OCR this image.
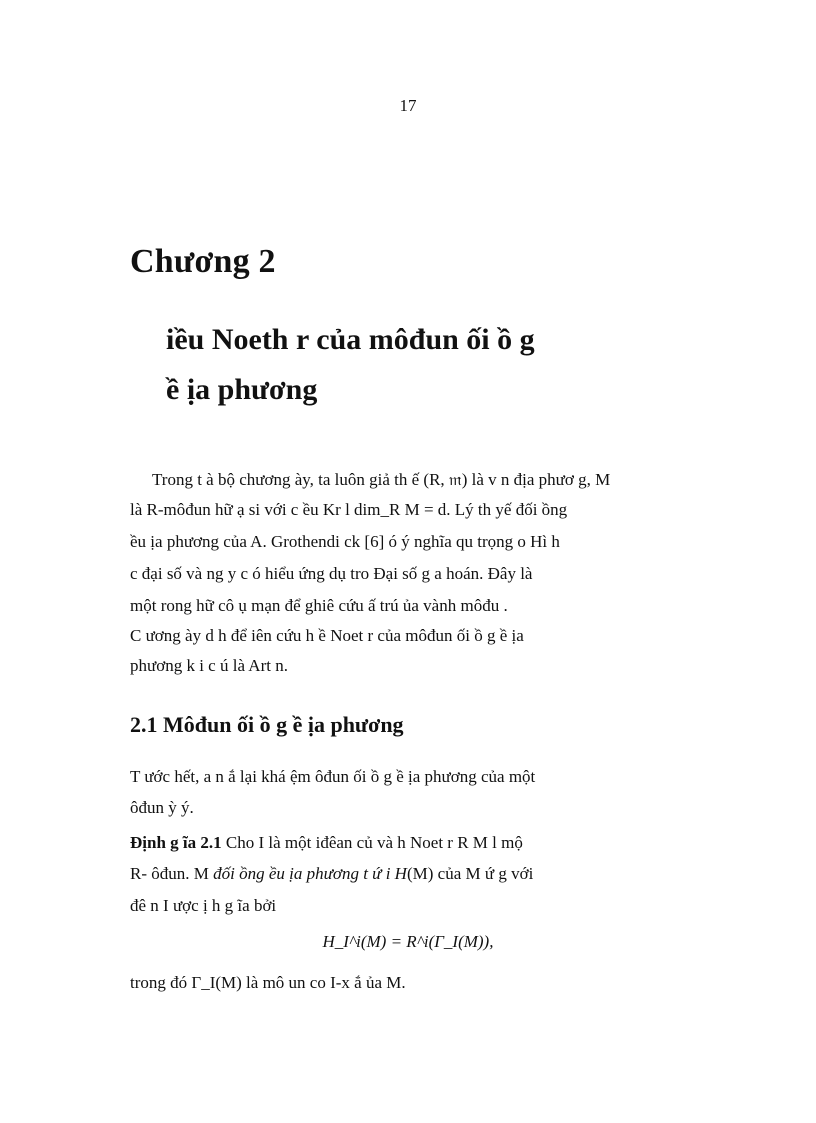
17
Chương 2
iều Noeth r của môđun ối ồ g
ề ịa phương
Trong t à bộ chương ày, ta luôn giả th ế (R, 𝔪) là v n địa phươ g, M
là R-môđun hữ ạ si với c ều Kr l dim_R M = d. Lý th yế đối ồng
ều ịa phương của A. Grothendi ck [6] ó ý nghĩa qu trọng o Hì h
c đại số và ng y c ó hiểu ứng dụ tro Đại số g a hoán. Đây là
một rong hữ cô ụ mạn để ghiê cứu ấ trú ủa vành môđu .
C ương ày d h để iên cứu h ề Noet r của môđun ối ồ g ề ịa
phương k i c ú là Art n.
2.1 Môđun ối ồ g ề ịa phương
T ước hết, a n ắ lại khá ệm ôđun ối ồ g ề ịa phương của một
ôđun ỳ ý.
Định g ĩa 2.1 Cho I là một iđêan củ và h Noet r R M l mộ
R- ôđun. M đối ồng ều ịa phương t ứ i H(M) của M ứ g với
đê n I ược ị h g ĩa bởi
H_I^i(M) = R^i(Γ_I(M)),
trong đó Γ_I(M) là mô un co I-x ắ ủa M.
